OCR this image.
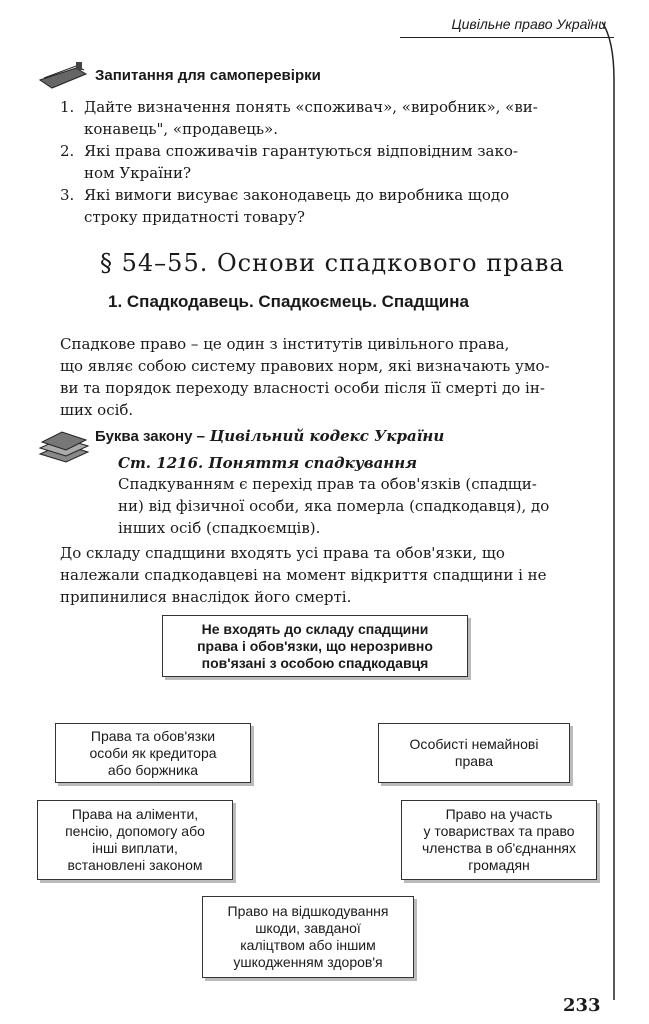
Цивільне право України
Запитання для самоперевірки
1. Дайте визначення понять «споживач», «виробник», «ви-
конавець", «продавець».
2. Які права споживачів гарантуються відповідним зако-
ном України?
3. Які вимоги висуває законодавець до виробника щодо
строку придатності товару?
§ 54–55. Основи спадкового права
1. Спадкодавець. Спадкоємець. Спадщина
Спадкове право – це один з інститутів цивільного права,
що являє собою систему правових норм, які визначають умо-
ви та порядок переходу власності особи після її смерті до ін-
ших осіб.
Буква закону – Цивільний кодекс України
Ст. 1216. Поняття спадкування
Спадкуванням є перехід прав та обов'язків (спадщи-
ни) від фізичної особи, яка померла (спадкодавця), до
інших осіб (спадкоємців).
До складу спадщини входять усі права та обов'язки, що
належали спадкодавцеві на момент відкриття спадщини і не
припинилися внаслідок його смерті.
Не входять до складу спадщини
права і обов'язки, що нерозривно
пов'язані з особою спадкодавця
Права та обов'язки
особи як кредитора
або боржника
Особисті немайнові
права
Права на аліменти,
пенсію, допомогу або
інші виплати,
встановлені законом
Право на участь
у товариствах та право
членства в об'єднаннях
громадян
Право на відшкодування
шкоди, завданої
каліцтвом або іншим
ушкодженням здоров'я
233
